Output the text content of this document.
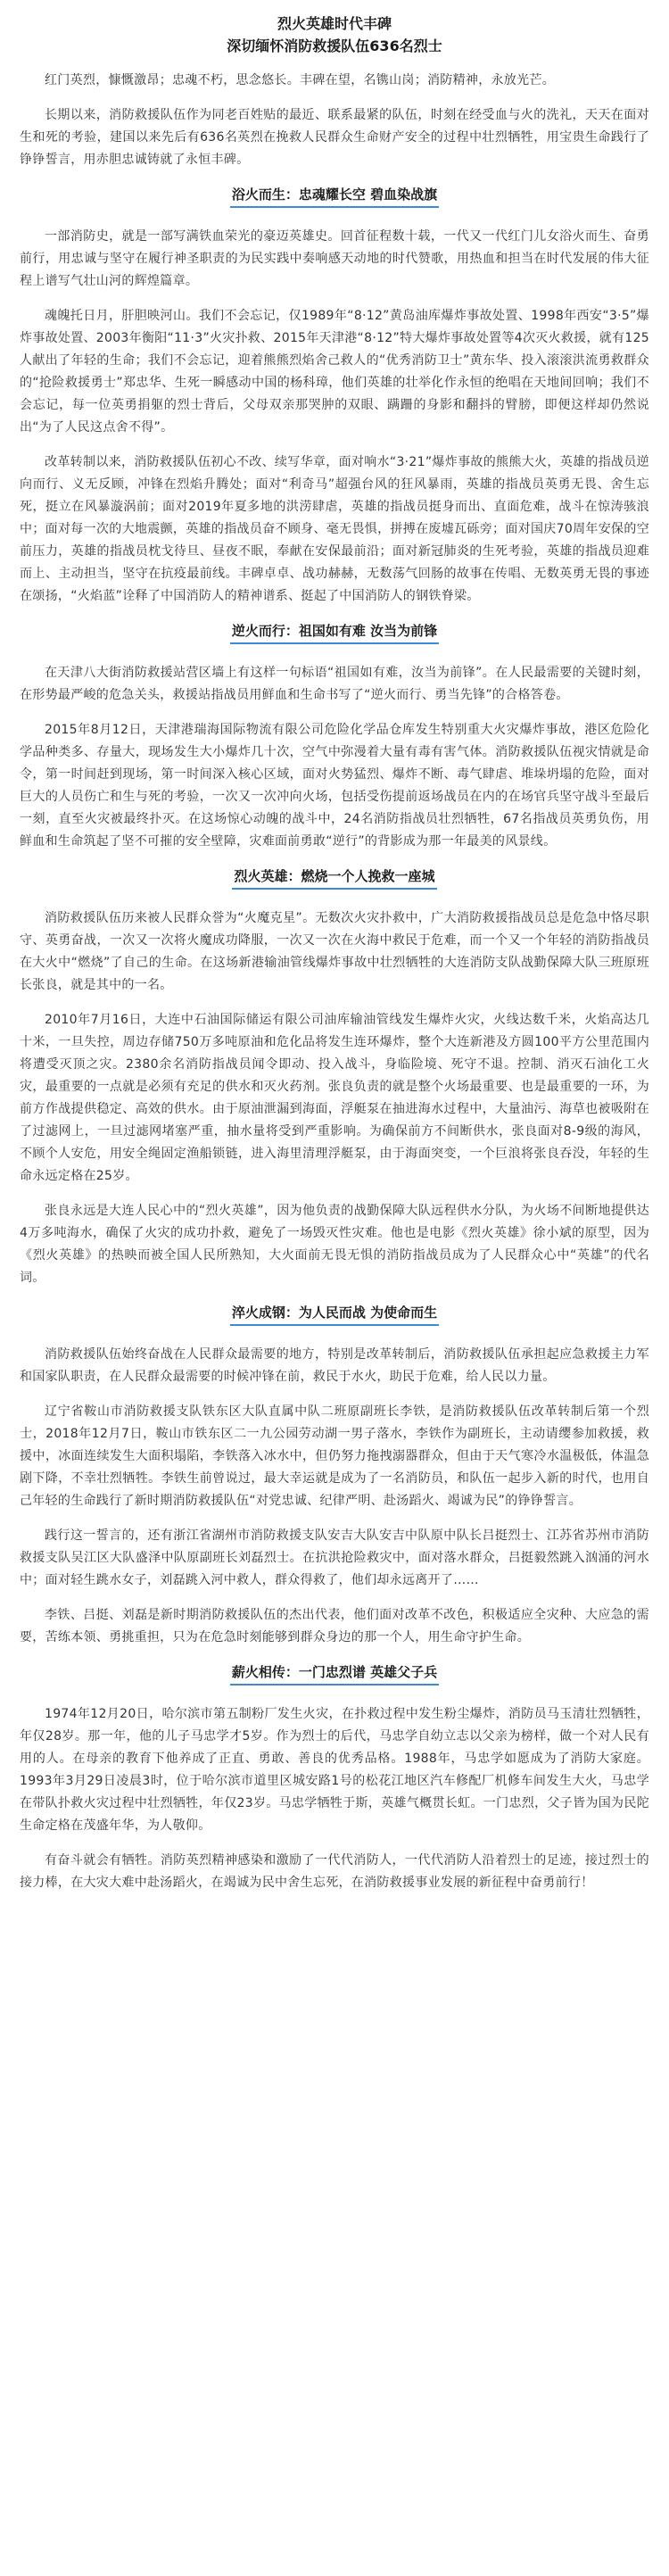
烈火英雄时代丰碑
深切缅怀消防救援队伍636名烈士

红门英烈，慷慨激昂；忠魂不朽，思念悠长。丰碑在望，名镌山岗；消防精神，永放光芒。

长期以来，消防救援队伍作为同老百姓贴的最近、联系最紧的队伍，时刻在经受血与火的洗礼，天天在面对生和死的考验，建国以来先后有636名英烈在挽救人民群众生命财产安全的过程中壮烈牺牲，用宝贵生命践行了铮铮誓言，用赤胆忠诚铸就了永恒丰碑。

浴火而生：忠魂耀长空 碧血染战旗

一部消防史，就是一部写满铁血荣光的豪迈英雄史。回首征程数十载，一代又一代红门儿女浴火而生、奋勇前行，用忠诚与坚守在履行神圣职责的为民实践中奏响感天动地的时代赞歌，用热血和担当在时代发展的伟大征程上谱写气壮山河的辉煌篇章。

魂魄托日月，肝胆映河山。我们不会忘记，仅1989年“8·12”黄岛油库爆炸事故处置、1998年西安“3·5”爆炸事故处置、2003年衡阳“11·3”火灾扑救、2015年天津港“8·12”特大爆炸事故处置等4次灭火救援，就有125人献出了年轻的生命；我们不会忘记，迎着熊熊烈焰舍己救人的“优秀消防卫士”黄东华、投入滚滚洪流勇救群众的“抢险救援勇士”郑忠华、生死一瞬感动中国的杨科璋，他们英雄的壮举化作永恒的绝唱在天地间回响；我们不会忘记，每一位英勇捐躯的烈士背后，父母双亲那哭肿的双眼、蹒跚的身影和翻抖的臂膀，即便这样却仍然说出“为了人民这点舍不得”。

改革转制以来，消防救援队伍初心不改、续写华章，面对响水“3·21”爆炸事故的熊熊大火，英雄的指战员逆向而行、义无反顾，冲锋在烈焰升腾处；面对“利奇马”超强台风的狂风暴雨，英雄的指战员英勇无畏、舍生忘死，挺立在风暴漩涡前；面对2019年夏多地的洪涝肆虐，英雄的指战员挺身而出、直面危难，战斗在惊涛骇浪中；面对每一次的大地震颤，英雄的指战员奋不顾身、毫无畏惧，拼搏在废墟瓦砾旁；面对国庆70周年安保的空前压力，英雄的指战员枕戈待旦、昼夜不眠，奉献在安保最前沿；面对新冠肺炎的生死考验，英雄的指战员迎难而上、主动担当，坚守在抗疫最前线。丰碑卓卓、战功赫赫，无数荡气回肠的故事在传唱、无数英勇无畏的事迹在颂扬，“火焰蓝”诠释了中国消防人的精神谱系、挺起了中国消防人的钢铁脊梁。

逆火而行：祖国如有难 汝当为前锋

在天津八大街消防救援站营区墙上有这样一句标语“祖国如有难，汝当为前锋”。在人民最需要的关键时刻，在形势最严峻的危急关头，救援站指战员用鲜血和生命书写了“逆火而行、勇当先锋”的合格答卷。

2015年8月12日，天津港瑞海国际物流有限公司危险化学品仓库发生特别重大火灾爆炸事故，港区危险化学品种类多、存量大，现场发生大小爆炸几十次，空气中弥漫着大量有毒有害气体。消防救援队伍视灾情就是命令，第一时间赶到现场，第一时间深入核心区域，面对火势猛烈、爆炸不断、毒气肆虐、堆垛坍塌的危险，面对巨大的人员伤亡和生与死的考验，一次又一次冲向火场，包括受伤提前返场战员在内的在场官兵坚守战斗至最后一刻，直至火灾被最终扑灭。在这场惊心动魄的战斗中，24名消防指战员壮烈牺牲，67名指战员英勇负伤，用鲜血和生命筑起了坚不可摧的安全壁障，灾难面前勇敢“逆行”的背影成为那一年最美的风景线。

烈火英雄：燃烧一个人挽救一座城

消防救援队伍历来被人民群众誉为“火魔克星”。无数次火灾扑救中，广大消防救援指战员总是危急中恪尽职守、英勇奋战，一次又一次将火魔成功降服，一次又一次在火海中救民于危难，而一个又一个年轻的消防指战员在大火中“燃烧”了自己的生命。在这场新港输油管线爆炸事故中壮烈牺牲的大连消防支队战勤保障大队三班原班长张良，就是其中的一名。

2010年7月16日，大连中石油国际储运有限公司油库输油管线发生爆炸火灾，火线达数千米，火焰高达几十米，一旦失控，周边存储750万多吨原油和危化品将发生连环爆炸，整个大连新港及方圆100平方公里范围内将遭受灭顶之灾。2380余名消防指战员闻令即动、投入战斗，身临险境、死守不退。控制、消灭石油化工火灾，最重要的一点就是必须有充足的供水和灭火药剂。张良负责的就是整个火场最重要、也是最重要的一环，为前方作战提供稳定、高效的供水。由于原油泄漏到海面，浮艇泵在抽进海水过程中，大量油污、海草也被吸附在了过滤网上，一旦过滤网堵塞严重，抽水量将受到严重影响。为确保前方不间断供水，张良面对8-9级的海风，不顾个人安危，用安全绳固定渔船锁链，进入海里清理浮艇泵，由于海面突变，一个巨浪将张良吞没，年轻的生命永远定格在25岁。

张良永远是大连人民心中的“烈火英雄”，因为他负责的战勤保障大队远程供水分队，为火场不间断地提供达4万多吨海水，确保了火灾的成功扑救，避免了一场毁灭性灾难。他也是电影《烈火英雄》徐小斌的原型，因为《烈火英雄》的热映而被全国人民所熟知，大火面前无畏无惧的消防指战员成为了人民群众心中“英雄”的代名词。

淬火成钢：为人民而战 为使命而生

消防救援队伍始终奋战在人民群众最需要的地方，特别是改革转制后，消防救援队伍承担起应急救援主力军和国家队职责，在人民群众最需要的时候冲锋在前，救民于水火，助民于危难，给人民以力量。

辽宁省鞍山市消防救援支队铁东区大队直属中队二班原副班长李铁，是消防救援队伍改革转制后第一个烈士，2018年12月7日，鞍山市铁东区二一九公园劳动湖一男子落水，李铁作为副班长，主动请缨参加救援，救援中，冰面连续发生大面积塌陷，李铁落入冰水中，但仍努力拖拽溺器群众，但由于天气寒冷水温极低，体温急剧下降，不幸壮烈牺牲。李铁生前曾说过，最大幸运就是成为了一名消防员，和队伍一起步入新的时代，也用自己年轻的生命践行了新时期消防救援队伍“对党忠诚、纪律严明、赴汤蹈火、竭诚为民”的铮铮誓言。

践行这一誓言的，还有浙江省湖州市消防救援支队安吉大队安吉中队原中队长吕挺烈士、江苏省苏州市消防救援支队吴江区大队盛泽中队原副班长刘磊烈士。在抗洪抢险救灾中，面对落水群众，吕挺毅然跳入汹涌的河水中；面对轻生跳水女子，刘磊跳入河中救人，群众得救了，他们却永远离开了……

李铁、吕挺、刘磊是新时期消防救援队伍的杰出代表，他们面对改革不改色，积极适应全灾种、大应急的需要，苦练本领、勇挑重担，只为在危急时刻能够到群众身边的那一个人，用生命守护生命。

薪火相传：一门忠烈谱 英雄父子兵

1974年12月20日，哈尔滨市第五制粉厂发生火灾，在扑救过程中发生粉尘爆炸，消防员马玉清壮烈牺牲，年仅28岁。那一年，他的儿子马忠学才5岁。作为烈士的后代，马忠学自幼立志以父亲为榜样，做一个对人民有用的人。在母亲的教育下他养成了正直、勇敢、善良的优秀品格。1988年，马忠学如愿成为了消防大家庭。1993年3月29日凌晨3时，位于哈尔滨市道里区城安路1号的松花江地区汽车修配厂机修车间发生大火，马忠学在带队扑救火灾过程中壮烈牺牲，年仅23岁。马忠学牺牲于斯，英雄气概贯长虹。一门忠烈，父子皆为国为民陀生命定格在茂盛年华，为人敬仰。

有奋斗就会有牺牲。消防英烈精神感染和激励了一代代消防人，一代代消防人沿着烈士的足迹，接过烈士的接力棒，在大灾大难中赴汤蹈火，在竭诚为民中舍生忘死，在消防救援事业发展的新征程中奋勇前行！
